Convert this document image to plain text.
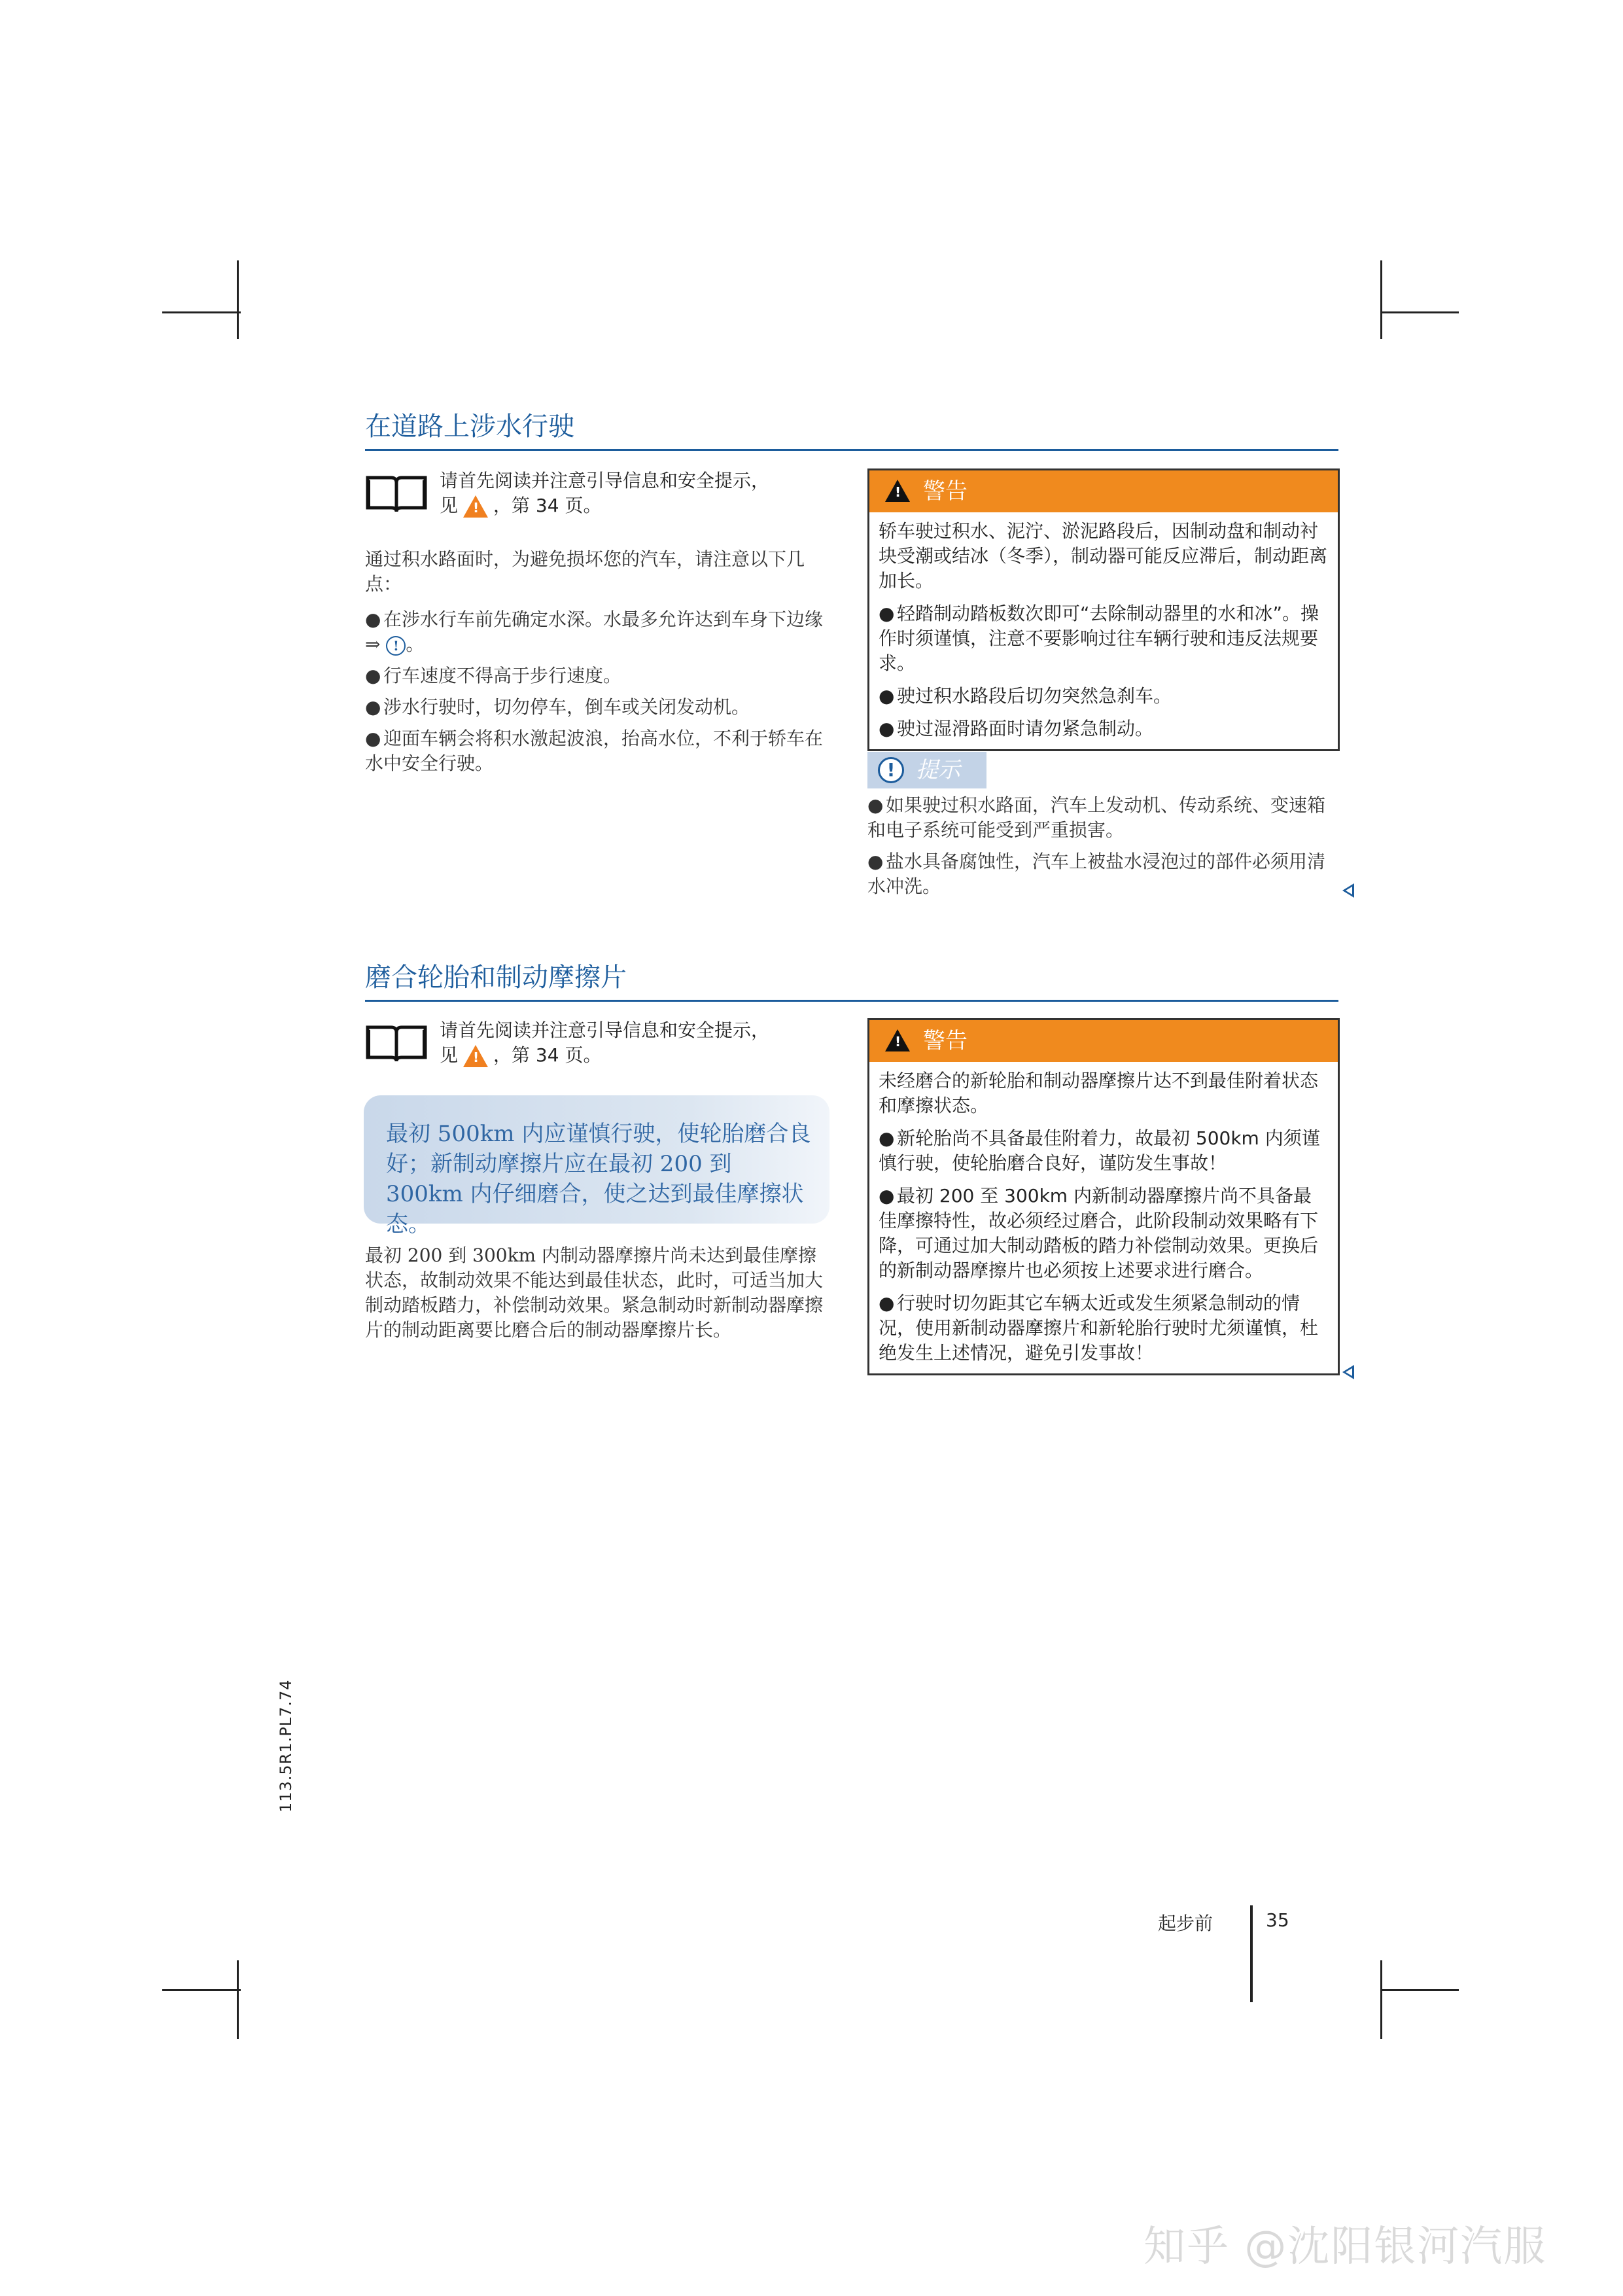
在道路上涉水行驶
请首先阅读并注意引导信息和安全提示，
见 ! ，第 34 页。
通过积水路面时，为避免损坏您的汽车，请注意以下几点：
● 在涉水行车前先确定水深。水最多允许达到车身下边缘 ⇒ ! 。
● 行车速度不得高于步行速度。
● 涉水行驶时，切勿停车，倒车或关闭发动机。
● 迎面车辆会将积水激起波浪，抬高水位，不利于轿车在水中安全行驶。
! 警告

轿车驶过积水、泥泞、淤泥路段后，因制动盘和制动衬块受潮或结冰（冬季），制动器可能反应滞后，制动距离加长。

● 轻踏制动踏板数次即可“去除制动器里的水和冰”。操作时须谨慎，注意不要影响过往车辆行驶和违反法规要求。

● 驶过积水路段后切勿突然急刹车。

● 驶过湿滑路面时请勿紧急制动。

! 提示
● 如果驶过积水路面，汽车上发动机、传动系统、变速箱和电子系统可能受到严重损害。
● 盐水具备腐蚀性，汽车上被盐水浸泡过的部件必须用清水冲洗。
磨合轮胎和制动摩擦片
请首先阅读并注意引导信息和安全提示，
见 ! ，第 34 页。
最初 500km 内应谨慎行驶，使轮胎磨合良好；新制动摩擦片应在最初 200 到 300km 内仔细磨合，使之达到最佳摩擦状态。
最初 200 到 300km 内制动器摩擦片尚未达到最佳摩擦状态，故制动效果不能达到最佳状态，此时，可适当加大制动踏板踏力，补偿制动效果。紧急制动时新制动器摩擦片的制动距离要比磨合后的制动器摩擦片长。
! 警告

未经磨合的新轮胎和制动器摩擦片达不到最佳附着状态和摩擦状态。

● 新轮胎尚不具备最佳附着力，故最初 500km 内须谨慎行驶，使轮胎磨合良好，谨防发生事故！

● 最初 200 至 300km 内新制动器摩擦片尚不具备最佳摩擦特性，故必须经过磨合，此阶段制动效果略有下降，可通过加大制动踏板的踏力补偿制动效果。更换后的新制动器摩擦片也必须按上述要求进行磨合。

● 行驶时切勿距其它车辆太近或发生须紧急制动的情况，使用新制动器摩擦片和新轮胎行驶时尤须谨慎，杜绝发生上述情况，避免引发事故！

113.5R1.PL7.74
起步前	35
知乎 @沈阳银河汽服
